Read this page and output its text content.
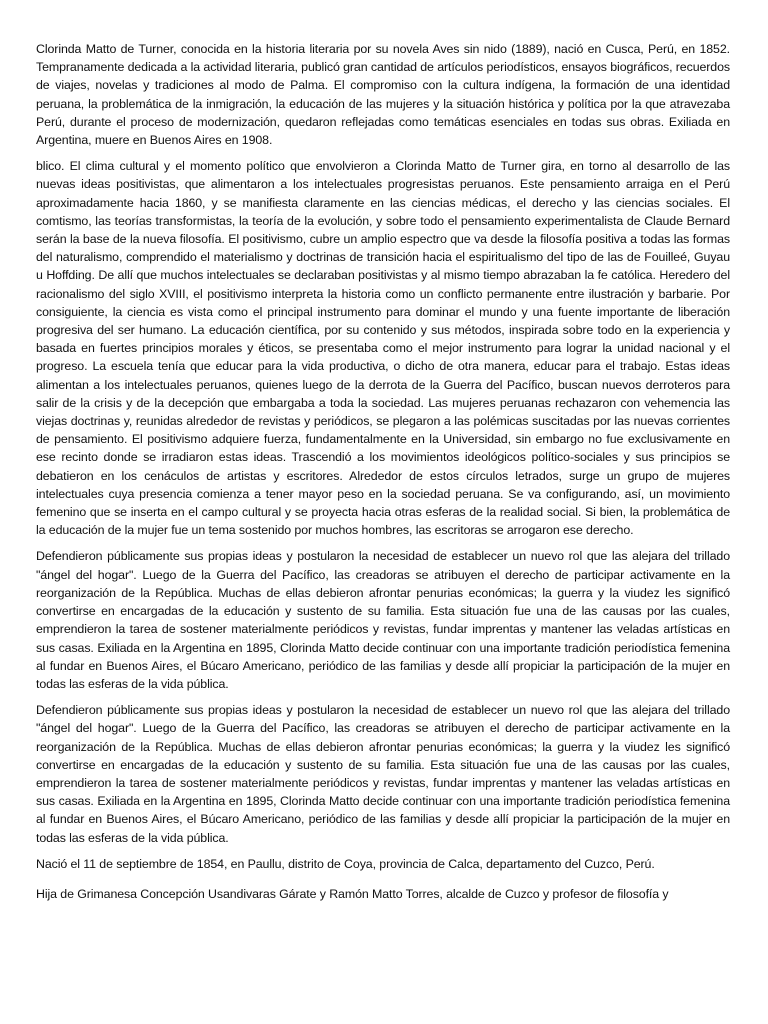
Clorinda Matto de Turner, conocida en la historia literaria por su novela Aves sin nido (1889), nació en Cusca, Perú, en 1852. Tempranamente dedicada a la actividad literaria, publicó gran cantidad de artículos periodísticos, ensayos biográficos, recuerdos de viajes, novelas y tradiciones al modo de Palma. El compromiso con la cultura indígena, la formación de una identidad peruana, la problemática de la inmigración, la educación de las mujeres y la situación histórica y política por la que atravezaba Perú, durante el proceso de modernización, quedaron reflejadas como temáticas esenciales en todas sus obras. Exiliada en Argentina, muere en Buenos Aires en 1908.

blico. El clima cultural y el momento político que envolvieron a Clorinda Matto de Turner gira, en torno al desarrollo de las nuevas ideas positivistas, que alimentaron a los intelectuales progresistas peruanos. Este pensamiento arraiga en el Perú aproximadamente hacia 1860, y se manifiesta claramente en las ciencias médicas, el derecho y las ciencias sociales. El comtismo, las teorías transformistas, la teoría de la evolución, y sobre todo el pensamiento experimentalista de Claude Bernard serán la base de la nueva filosofía. El positivismo, cubre un amplio espectro que va desde la filosofía positiva a todas las formas del naturalismo, comprendido el materialismo y doctrinas de transición hacia el espiritualismo del tipo de las de Fouilleé, Guyau u Hoffding. De allí que muchos intelectuales se declaraban positivistas y al mismo tiempo abrazaban la fe católica. Heredero del racionalismo del siglo XVIII, el positivismo interpreta la historia como un conflicto permanente entre ilustración y barbarie. Por consiguiente, la ciencia es vista como el principal instrumento para dominar el mundo y una fuente importante de liberación progresiva del ser humano. La educación científica, por su contenido y sus métodos, inspirada sobre todo en la experiencia y basada en fuertes principios morales y éticos, se presentaba como el mejor instrumento para lograr la unidad nacional y el progreso. La escuela tenía que educar para la vida productiva, o dicho de otra manera, educar para el trabajo. Estas ideas alimentan a los intelectuales peruanos, quienes luego de la derrota de la Guerra del Pacífico, buscan nuevos derroteros para salir de la crisis y de la decepción que embargaba a toda la sociedad. Las mujeres peruanas rechazaron con vehemencia las viejas doctrinas y, reunidas alrededor de revistas y periódicos, se plegaron a las polémicas suscitadas por las nuevas corrientes de pensamiento. El positivismo adquiere fuerza, fundamentalmente en la Universidad, sin embargo no fue exclusivamente en ese recinto donde se irradiaron estas ideas. Trascendió a los movimientos ideológicos político-sociales y sus principios se debatieron en los cenáculos de artistas y escritores. Alrededor de estos círculos letrados, surge un grupo de mujeres intelectuales cuya presencia comienza a tener mayor peso en la sociedad peruana. Se va configurando, así, un movimiento femenino que se inserta en el campo cultural y se proyecta hacia otras esferas de la realidad social. Si bien, la problemática de la educación de la mujer fue un tema sostenido por muchos hombres, las escritoras se arrogaron ese derecho.

Defendieron públicamente sus propias ideas y postularon la necesidad de establecer un nuevo rol que las alejara del trillado "ángel del hogar". Luego de la Guerra del Pacífico, las creadoras se atribuyen el derecho de participar activamente en la reorganización de la República. Muchas de ellas debieron afrontar penurias económicas; la guerra y la viudez les significó convertirse en encargadas de la educación y sustento de su familia. Esta situación fue una de las causas por las cuales, emprendieron la tarea de sostener materialmente periódicos y revistas, fundar imprentas y mantener las veladas artísticas en sus casas. Exiliada en la Argentina en 1895, Clorinda Matto decide continuar con una importante tradición periodística femenina al fundar en Buenos Aires, el Búcaro Americano, periódico de las familias y desde allí propiciar la participación de la mujer en todas las esferas de la vida pública.

Defendieron públicamente sus propias ideas y postularon la necesidad de establecer un nuevo rol que las alejara del trillado "ángel del hogar". Luego de la Guerra del Pacífico, las creadoras se atribuyen el derecho de participar activamente en la reorganización de la República. Muchas de ellas debieron afrontar penurias económicas; la guerra y la viudez les significó convertirse en encargadas de la educación y sustento de su familia. Esta situación fue una de las causas por las cuales, emprendieron la tarea de sostener materialmente periódicos y revistas, fundar imprentas y mantener las veladas artísticas en sus casas. Exiliada en la Argentina en 1895, Clorinda Matto decide continuar con una importante tradición periodística femenina al fundar en Buenos Aires, el Búcaro Americano, periódico de las familias y desde allí propiciar la participación de la mujer en todas las esferas de la vida pública.

Nació el 11 de septiembre de 1854, en Paullu, distrito de Coya, provincia de Calca, departamento del Cuzco, Perú.

Hija de Grimanesa Concepción Usandivaras Gárate y Ramón Matto Torres, alcalde de Cuzco y profesor de filosofía y
